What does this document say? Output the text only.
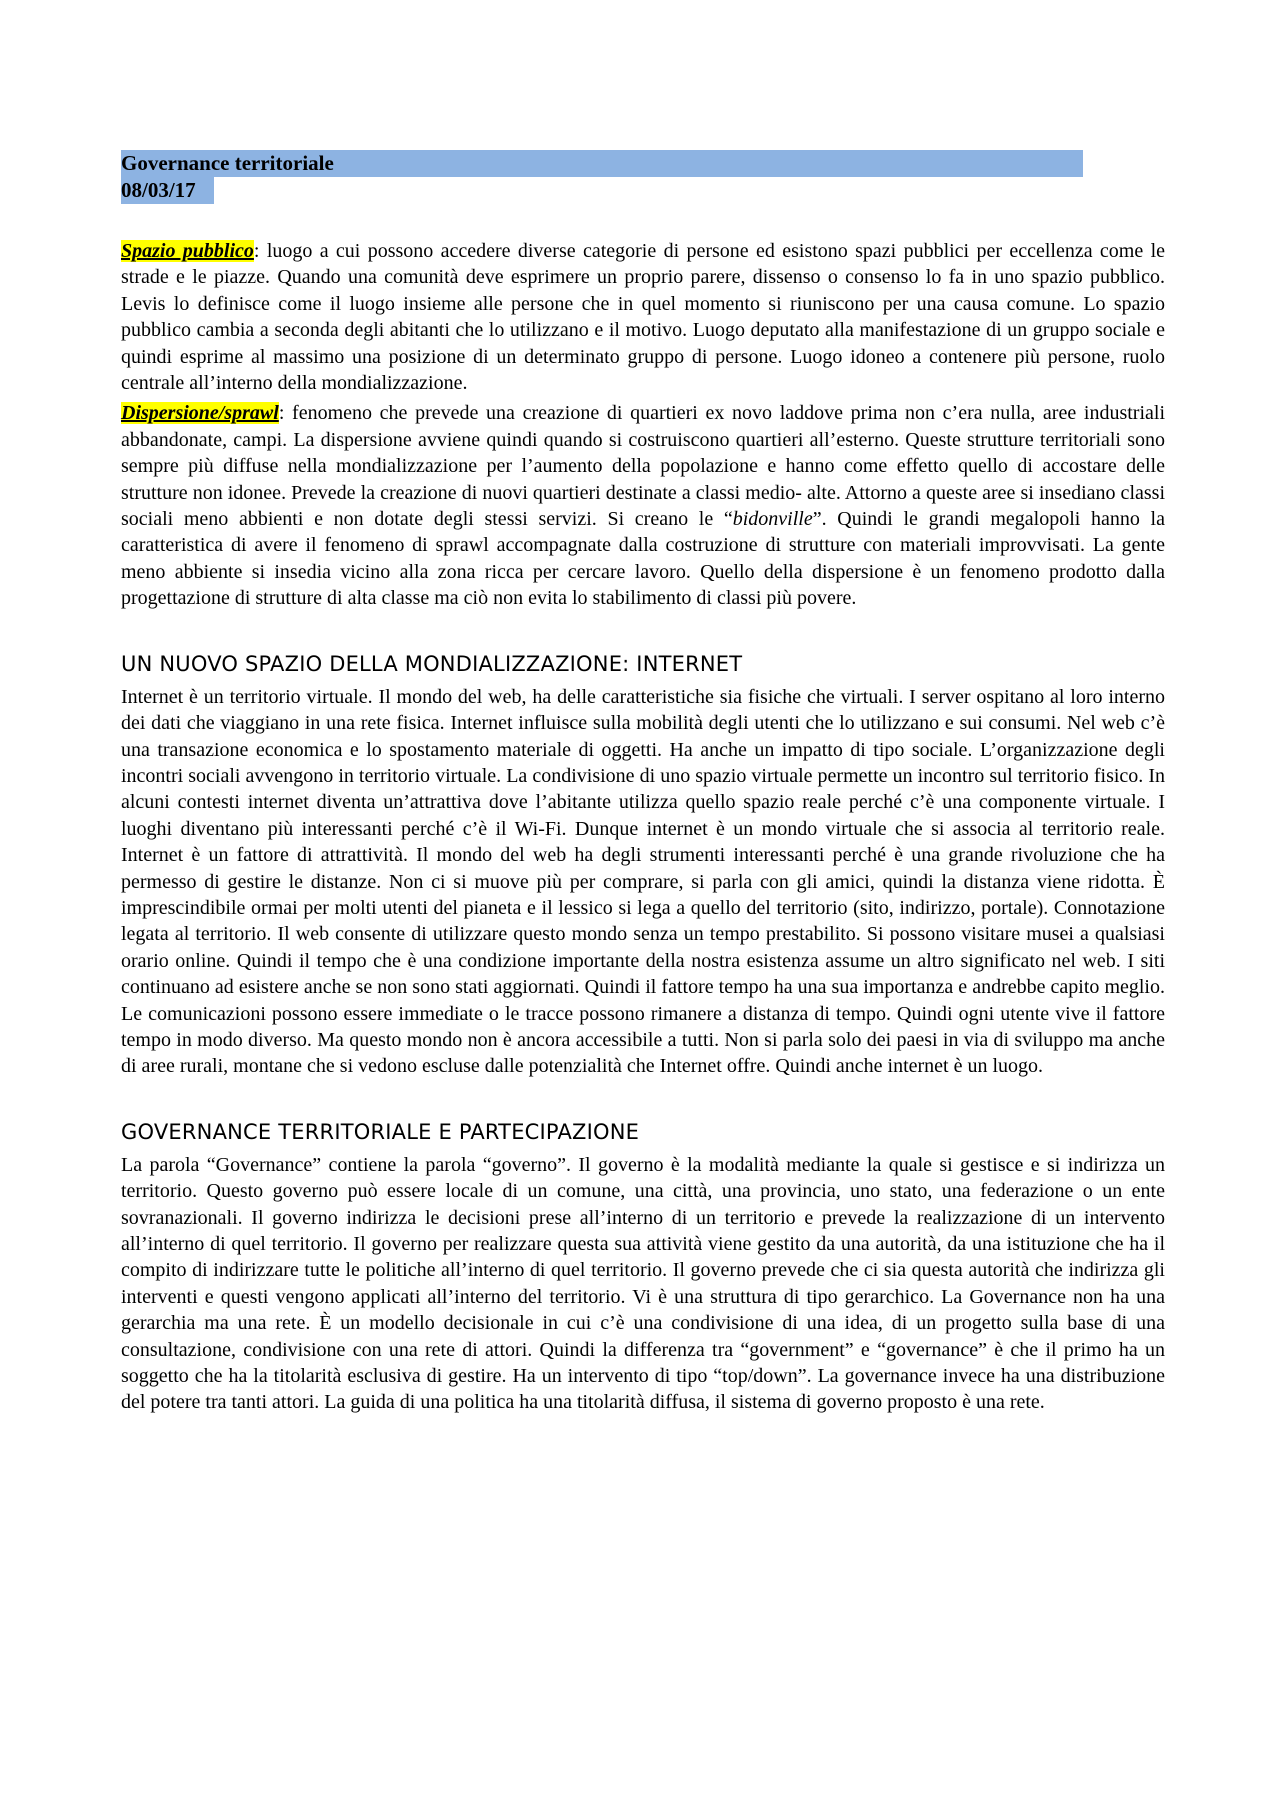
Governance territoriale
08/03/17

Spazio pubblico: luogo a cui possono accedere diverse categorie di persone ed esistono spazi pubblici per eccellenza come le strade e le piazze. Quando una comunità deve esprimere un proprio parere, dissenso o consenso lo fa in uno spazio pubblico. Levis lo definisce come il luogo insieme alle persone che in quel momento si riuniscono per una causa comune. Lo spazio pubblico cambia a seconda degli abitanti che lo utilizzano e il motivo. Luogo deputato alla manifestazione di un gruppo sociale e quindi esprime al massimo una posizione di un determinato gruppo di persone. Luogo idoneo a contenere più persone, ruolo centrale all’interno della mondializzazione.

Dispersione/sprawl: fenomeno che prevede una creazione di quartieri ex novo laddove prima non c’era nulla, aree industriali abbandonate, campi. La dispersione avviene quindi quando si costruiscono quartieri all’esterno. Queste strutture territoriali sono sempre più diffuse nella mondializzazione per l’aumento della popolazione e hanno come effetto quello di accostare delle strutture non idonee. Prevede la creazione di nuovi quartieri destinate a classi medio- alte. Attorno a queste aree si insediano classi sociali meno abbienti e non dotate degli stessi servizi. Si creano le “bidonville”. Quindi le grandi megalopoli hanno la caratteristica di avere il fenomeno di sprawl accompagnate dalla costruzione di strutture con materiali improvvisati. La gente meno abbiente si insedia vicino alla zona ricca per cercare lavoro. Quello della dispersione è un fenomeno prodotto dalla progettazione di strutture di alta classe ma ciò non evita lo stabilimento di classi più povere.

UN NUOVO SPAZIO DELLA MONDIALIZZAZIONE: INTERNET

Internet è un territorio virtuale. Il mondo del web, ha delle caratteristiche sia fisiche che virtuali. I server ospitano al loro interno dei dati che viaggiano in una rete fisica. Internet influisce sulla mobilità degli utenti che lo utilizzano e sui consumi. Nel web c’è una transazione economica e lo spostamento materiale di oggetti. Ha anche un impatto di tipo sociale. L’organizzazione degli incontri sociali avvengono in territorio virtuale. La condivisione di uno spazio virtuale permette un incontro sul territorio fisico. In alcuni contesti internet diventa un’attrattiva dove l’abitante utilizza quello spazio reale perché c’è una componente virtuale. I luoghi diventano più interessanti perché c’è il Wi-Fi. Dunque internet è un mondo virtuale che si associa al territorio reale. Internet è un fattore di attrattività. Il mondo del web ha degli strumenti interessanti perché è una grande rivoluzione che ha permesso di gestire le distanze. Non ci si muove più per comprare, si parla con gli amici, quindi la distanza viene ridotta. È imprescindibile ormai per molti utenti del pianeta e il lessico si lega a quello del territorio (sito, indirizzo, portale). Connotazione legata al territorio. Il web consente di utilizzare questo mondo senza un tempo prestabilito. Si possono visitare musei a qualsiasi orario online. Quindi il tempo che è una condizione importante della nostra esistenza assume un altro significato nel web. I siti continuano ad esistere anche se non sono stati aggiornati. Quindi il fattore tempo ha una sua importanza e andrebbe capito meglio. Le comunicazioni possono essere immediate o le tracce possono rimanere a distanza di tempo. Quindi ogni utente vive il fattore tempo in modo diverso. Ma questo mondo non è ancora accessibile a tutti. Non si parla solo dei paesi in via di sviluppo ma anche di aree rurali, montane che si vedono escluse dalle potenzialità che Internet offre. Quindi anche internet è un luogo.

GOVERNANCE TERRITORIALE E PARTECIPAZIONE

La parola “Governance” contiene la parola “governo”. Il governo è la modalità mediante la quale si gestisce e si indirizza un territorio. Questo governo può essere locale di un comune, una città, una provincia, uno stato, una federazione o un ente sovranazionali. Il governo indirizza le decisioni prese all’interno di un territorio e prevede la realizzazione di un intervento all’interno di quel territorio. Il governo per realizzare questa sua attività viene gestito da una autorità, da una istituzione che ha il compito di indirizzare tutte le politiche all’interno di quel territorio. Il governo prevede che ci sia questa autorità che indirizza gli interventi e questi vengono applicati all’interno del territorio. Vi è una struttura di tipo gerarchico. La Governance non ha una gerarchia ma una rete. È un modello decisionale in cui c’è una condivisione di una idea, di un progetto sulla base di una consultazione, condivisione con una rete di attori. Quindi la differenza tra “government” e “governance” è che il primo ha un soggetto che ha la titolarità esclusiva di gestire. Ha un intervento di tipo “top/down”. La governance invece ha una distribuzione del potere tra tanti attori. La guida di una politica ha una titolarità diffusa, il sistema di governo proposto è una rete.
